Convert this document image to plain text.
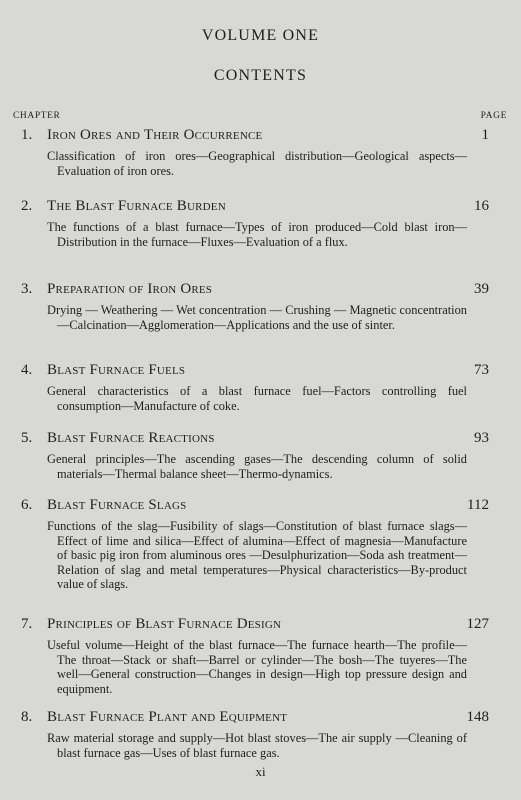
VOLUME ONE
CONTENTS
CHAPTER	PAGE
1. Iron Ores and Their Occurrence	1
Classification of iron ores—Geographical distribution—Geological aspects—Evaluation of iron ores.
2. The Blast Furnace Burden	16
The functions of a blast furnace—Types of iron produced—Cold blast iron—Distribution in the furnace—Fluxes—Evaluation of a flux.
3. Preparation of Iron Ores	39
Drying — Weathering — Wet concentration — Crushing — Magnetic concentration—Calcination—Agglomeration—Applications and the use of sinter.
4. Blast Furnace Fuels	73
General characteristics of a blast furnace fuel—Factors controlling fuel consumption—Manufacture of coke.
5. Blast Furnace Reactions	93
General principles—The ascending gases—The descending column of solid materials—Thermal balance sheet—Thermo-dynamics.
6. Blast Furnace Slags	112
Functions of the slag—Fusibility of slags—Constitution of blast furnace slags—Effect of lime and silica—Effect of alumina—Effect of magnesia—Manufacture of basic pig iron from aluminous ores —Desulphurization—Soda ash treatment—Relation of slag and metal temperatures—Physical characteristics—By-product value of slags.
7. Principles of Blast Furnace Design	127
Useful volume—Height of the blast furnace—The furnace hearth—The profile—The throat—Stack or shaft—Barrel or cylinder—The bosh—The tuyeres—The well—General construction—Changes in design—High top pressure design and equipment.
8. Blast Furnace Plant and Equipment	148
Raw material storage and supply—Hot blast stoves—The air supply —Cleaning of blast furnace gas—Uses of blast furnace gas.
xi
